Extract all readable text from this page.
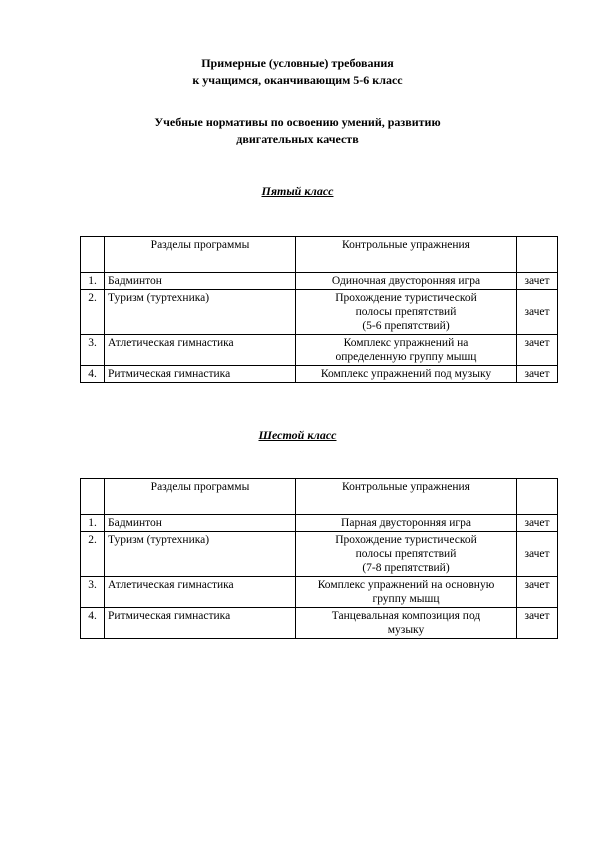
Примерные (условные) требования
к учащимся, оканчивающим 5-6 класс
Учебные нормативы по освоению умений, развитию
двигательных качеств
Пятый класс
	Разделы программы	Контрольные упражнения	
1.	Бадминтон	Одиночная двусторонняя игра	зачет
2.	Туризм (туртехника)	Прохождение туристической
полосы препятствий
(5-6 препятствий)	зачет
3.	Атлетическая гимнастика	Комплекс упражнений на
определенную группу мышц	зачет
4.	Ритмическая гимнастика	Комплекс упражнений под музыку	зачет
Шестой класс
	Разделы программы	Контрольные упражнения	
1.	Бадминтон	Парная двусторонняя игра	зачет
2.	Туризм (туртехника)	Прохождение туристической
полосы препятствий
(7-8 препятствий)	зачет
3.	Атлетическая гимнастика	Комплекс упражнений на основную
группу мышц	зачет
4.	Ритмическая гимнастика	Танцевальная композиция под
музыку	зачет
